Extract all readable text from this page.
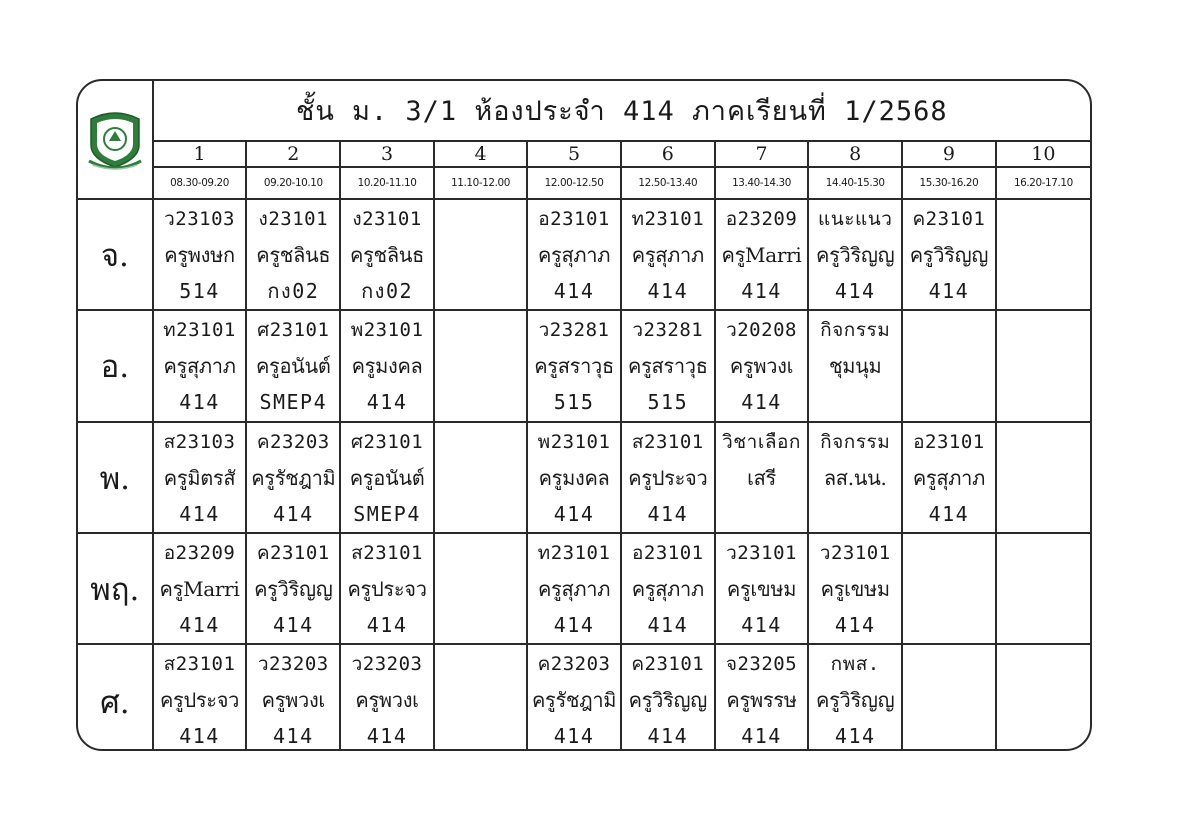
	ชั้น ม. 3/1 ห้องประจำ 414 ภาคเรียนที่ 1/2568									
	1	2	3	4	5	6	7	8	9	10
	08.30-09.20	09.20-10.10	10.20-11.10	11.10-12.00	12.00-12.50	12.50-13.40	13.40-14.30	14.40-15.30	15.30-16.20	16.20-17.10
จ.	ว23103
ครูพงษก
514	ง23101
ครูชลินธ
กง02	ง23101
ครูชลินธ
กง02		อ23101
ครูสุภาภ
414	ท23101
ครูสุภาภ
414	อ23209
ครูMarri
414	แนะแนว
ครูวิริญญ
414	ค23101
ครูวิริญญ
414	

อ.	ท23101
ครูสุภาภ
414	ศ23101
ครูอนันต์
SMEP4	พ23101
ครูมงคล
414		ว23281
ครูสราวุธ
515	ว23281
ครูสราวุธ
515	ว20208
ครูพวงเ
414	กิจกรรม
ชุมนุม		

พ.	ส23103
ครูมิตรสั
414	ค23203
ครูรัชฎามิ
414	ศ23101
ครูอนันต์
SMEP4		พ23101
ครูมงคล
414	ส23101
ครูประจว
414	วิชาเลือก
เสรี	กิจกรรม
ลส.นน.	อ23101
ครูสุภาภ
414	

พฤ.	อ23209
ครูMarri
414	ค23101
ครูวิริญญ
414	ส23101
ครูประจว
414		ท23101
ครูสุภาภ
414	อ23101
ครูสุภาภ
414	ว23101
ครูเขษม
414	ว23101
ครูเขษม
414		

ศ.	ส23101
ครูประจว
414	ว23203
ครูพวงเ
414	ว23203
ครูพวงเ
414		ค23203
ครูรัชฎามิ
414	ค23101
ครูวิริญญ
414	จ23205
ครูพรรษ
414	กพส.
ครูวิริญญ
414		
